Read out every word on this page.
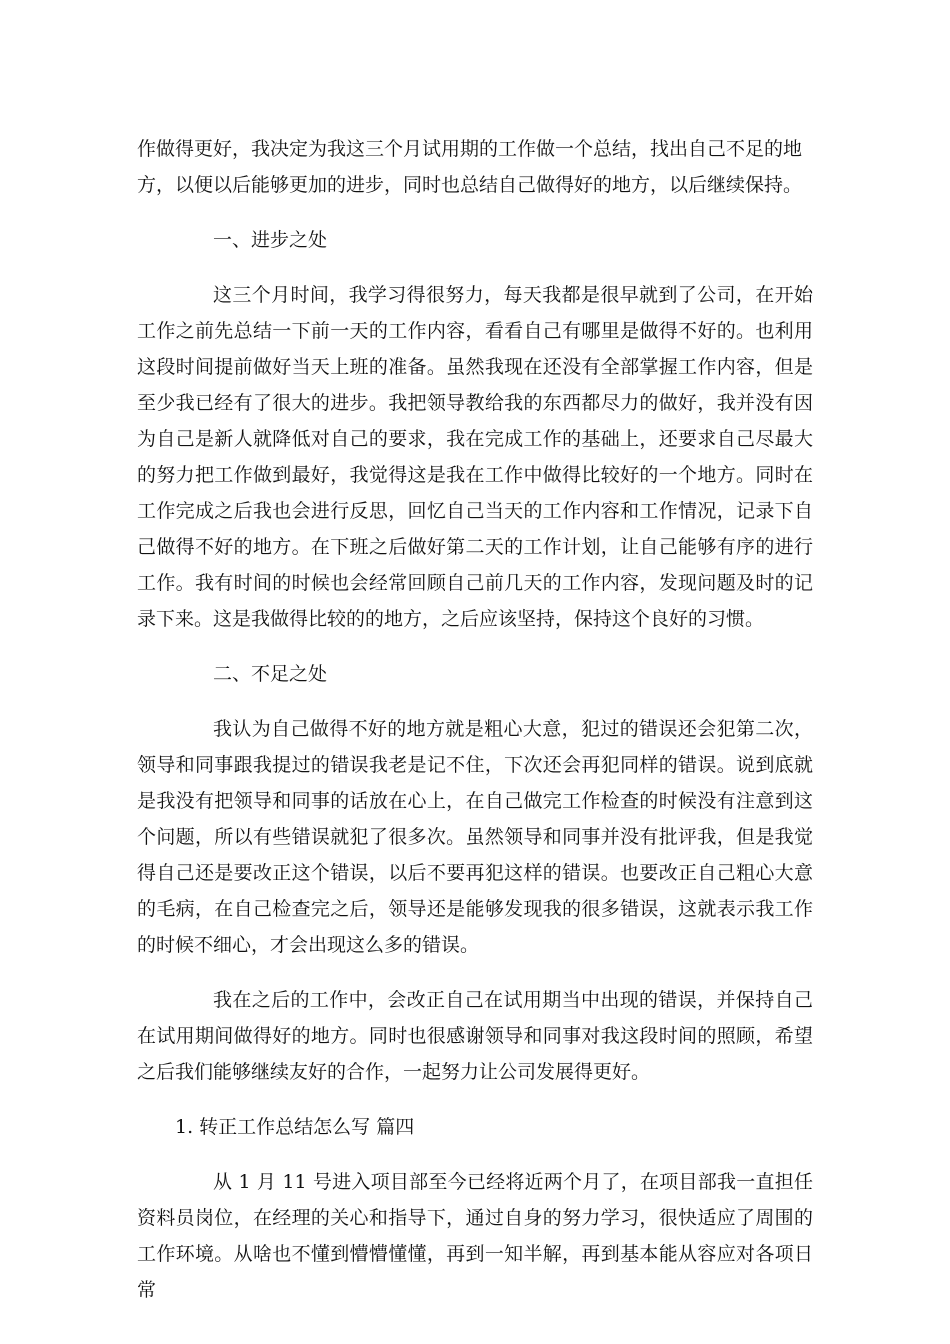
作做得更好，我决定为我这三个月试用期的工作做一个总结，找出自己不足的地

方，以便以后能够更加的进步，同时也总结自己做得好的地方，以后继续保持。

一、进步之处

这三个月时间，我学习得很努力，每天我都是很早就到了公司，在开始工作之前先总结一下前一天的工作内容，看看自己有哪里是做得不好的。也利用这段时间提前做好当天上班的准备。虽然我现在还没有全部掌握工作内容，但是至少我已经有了很大的进步。我把领导教给我的东西都尽力的做好，我并没有因为自己是新人就降低对自己的要求，我在完成工作的基础上，还要求自己尽最大的努力把工作做到最好，我觉得这是我在工作中做得比较好的一个地方。同时在工作完成之后我也会进行反思，回忆自己当天的工作内容和工作情况，记录下自己做得不好的地方。在下班之后做好第二天的工作计划，让自己能够有序的进行工作。我有时间的时候也会经常回顾自己前几天的工作内容，发现问题及时的记录下来。这是我做得比较的的地方，之后应该坚持，保持这个良好的习惯。

二、不足之处

我认为自己做得不好的地方就是粗心大意，犯过的错误还会犯第二次，领导和同事跟我提过的错误我老是记不住，下次还会再犯同样的错误。说到底就是我没有把领导和同事的话放在心上，在自己做完工作检查的时候没有注意到这个问题，所以有些错误就犯了很多次。虽然领导和同事并没有批评我，但是我觉得自己还是要改正这个错误，以后不要再犯这样的错误。也要改正自己粗心大意的毛病，在自己检查完之后，领导还是能够发现我的很多错误，这就表示我工作的时候不细心，才会出现这么多的错误。

我在之后的工作中，会改正自己在试用期当中出现的错误，并保持自己在试用期间做得好的地方。同时也很感谢领导和同事对我这段时间的照顾，希望之后我们能够继续友好的合作，一起努力让公司发展得更好。

1. 转正工作总结怎么写 篇四

从 1 月 11 号进入项目部至今已经将近两个月了，在项目部我一直担任资料员岗位，在经理的关心和指导下，通过自身的努力学习，很快适应了周围的工作环境。从啥也不懂到懵懵懂懂，再到一知半解，再到基本能从容应对各项日常
